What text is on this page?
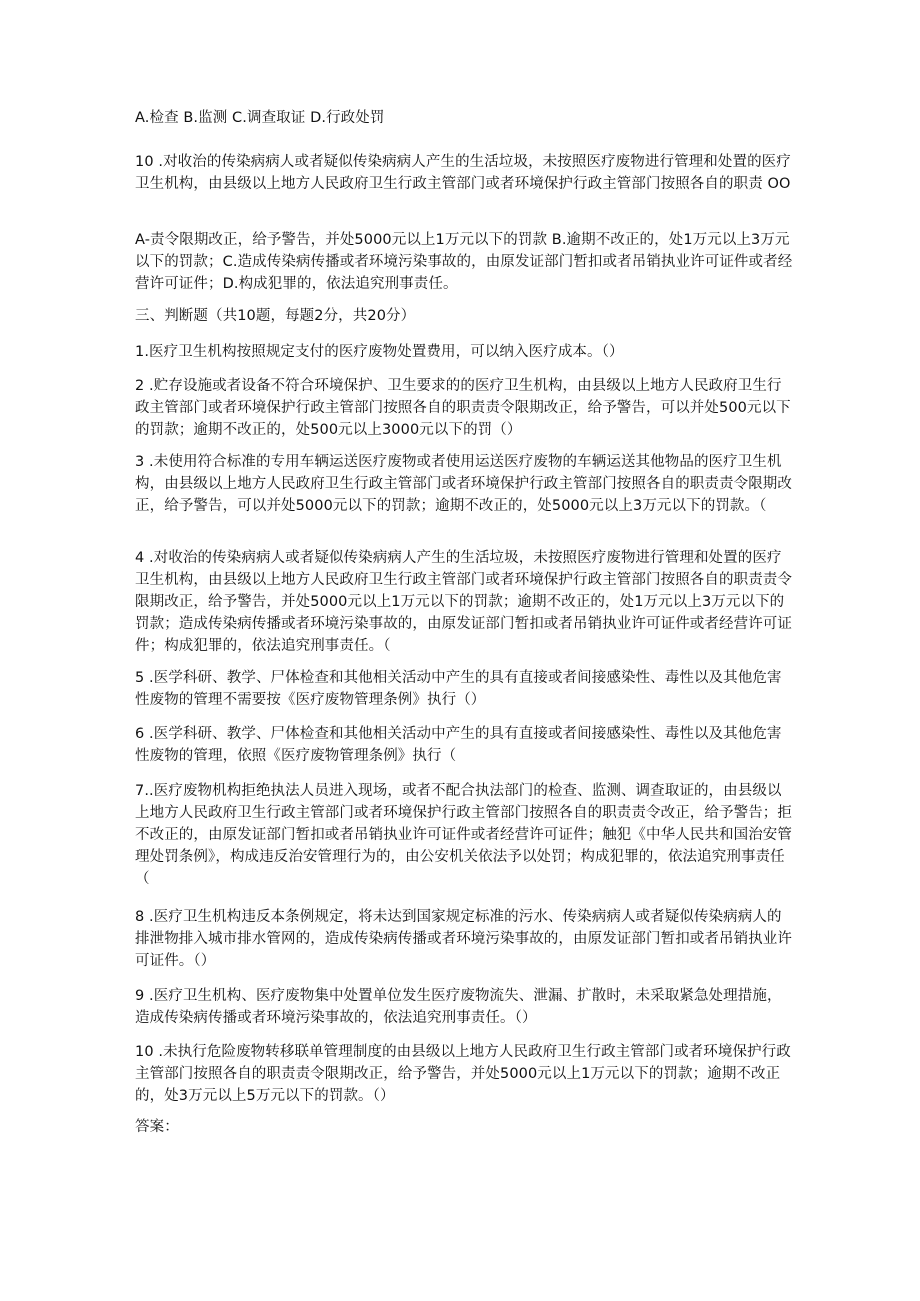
A.检查 B.监测 C.调查取证 D.行政处罚
10 .对收治的传染病病人或者疑似传染病病人产生的生活垃圾，未按照医疗废物进行管理和处置的医疗卫生机构，由县级以上地方人民政府卫生行政主管部门或者环境保护行政主管部门按照各自的职责 OO
A-责令限期改正，给予警告，并处5000元以上1万元以下的罚款 B.逾期不改正的，处1万元以上3万元以下的罚款；C.造成传染病传播或者环境污染事故的，由原发证部门暂扣或者吊销执业许可证件或者经营许可证件；D.构成犯罪的，依法追究刑事责任。
三、判断题（共10题，每题2分，共20分）
1.医疗卫生机构按照规定支付的医疗废物处置费用，可以纳入医疗成本。（）
2 .贮存设施或者设备不符合环境保护、卫生要求的的医疗卫生机构，由县级以上地方人民政府卫生行政主管部门或者环境保护行政主管部门按照各自的职责责令限期改正，给予警告，可以并处500元以下的罚款；逾期不改正的，处500元以上3000元以下的罚（）
3 .未使用符合标准的专用车辆运送医疗废物或者使用运送医疗废物的车辆运送其他物品的医疗卫生机构，由县级以上地方人民政府卫生行政主管部门或者环境保护行政主管部门按照各自的职责责令限期改正，给予警告，可以并处5000元以下的罚款；逾期不改正的，处5000元以上3万元以下的罚款。（
4 .对收治的传染病病人或者疑似传染病病人产生的生活垃圾，未按照医疗废物进行管理和处置的医疗卫生机构，由县级以上地方人民政府卫生行政主管部门或者环境保护行政主管部门按照各自的职责责令限期改正，给予警告，并处5000元以上1万元以下的罚款；逾期不改正的，处1万元以上3万元以下的罚款；造成传染病传播或者环境污染事故的，由原发证部门暂扣或者吊销执业许可证件或者经营许可证件；构成犯罪的，依法追究刑事责任。（
5 .医学科研、教学、尸体检查和其他相关活动中产生的具有直接或者间接感染性、毒性以及其他危害性废物的管理不需要按《医疗废物管理条例》执行（）
6 .医学科研、教学、尸体检查和其他相关活动中产生的具有直接或者间接感染性、毒性以及其他危害性废物的管理，依照《医疗废物管理条例》执行（
7..医疗废物机构拒绝执法人员进入现场，或者不配合执法部门的检查、监测、调查取证的，由县级以上地方人民政府卫生行政主管部门或者环境保护行政主管部门按照各自的职责责令改正，给予警告；拒不改正的，由原发证部门暂扣或者吊销执业许可证件或者经营许可证件；触犯《中华人民共和国治安管理处罚条例》，构成违反治安管理行为的，由公安机关依法予以处罚；构成犯罪的，依法追究刑事责任（
8 .医疗卫生机构违反本条例规定，将未达到国家规定标准的污水、传染病病人或者疑似传染病病人的排泄物排入城市排水管网的，造成传染病传播或者环境污染事故的，由原发证部门暂扣或者吊销执业许可证件。（）
9 .医疗卫生机构、医疗废物集中处置单位发生医疗废物流失、泄漏、扩散时，未采取紧急处理措施，造成传染病传播或者环境污染事故的，依法追究刑事责任。（）
10 .未执行危险废物转移联单管理制度的由县级以上地方人民政府卫生行政主管部门或者环境保护行政主管部门按照各自的职责责令限期改正，给予警告，并处5000元以上1万元以下的罚款；逾期不改正的，处3万元以上5万元以下的罚款。（）
答案：
